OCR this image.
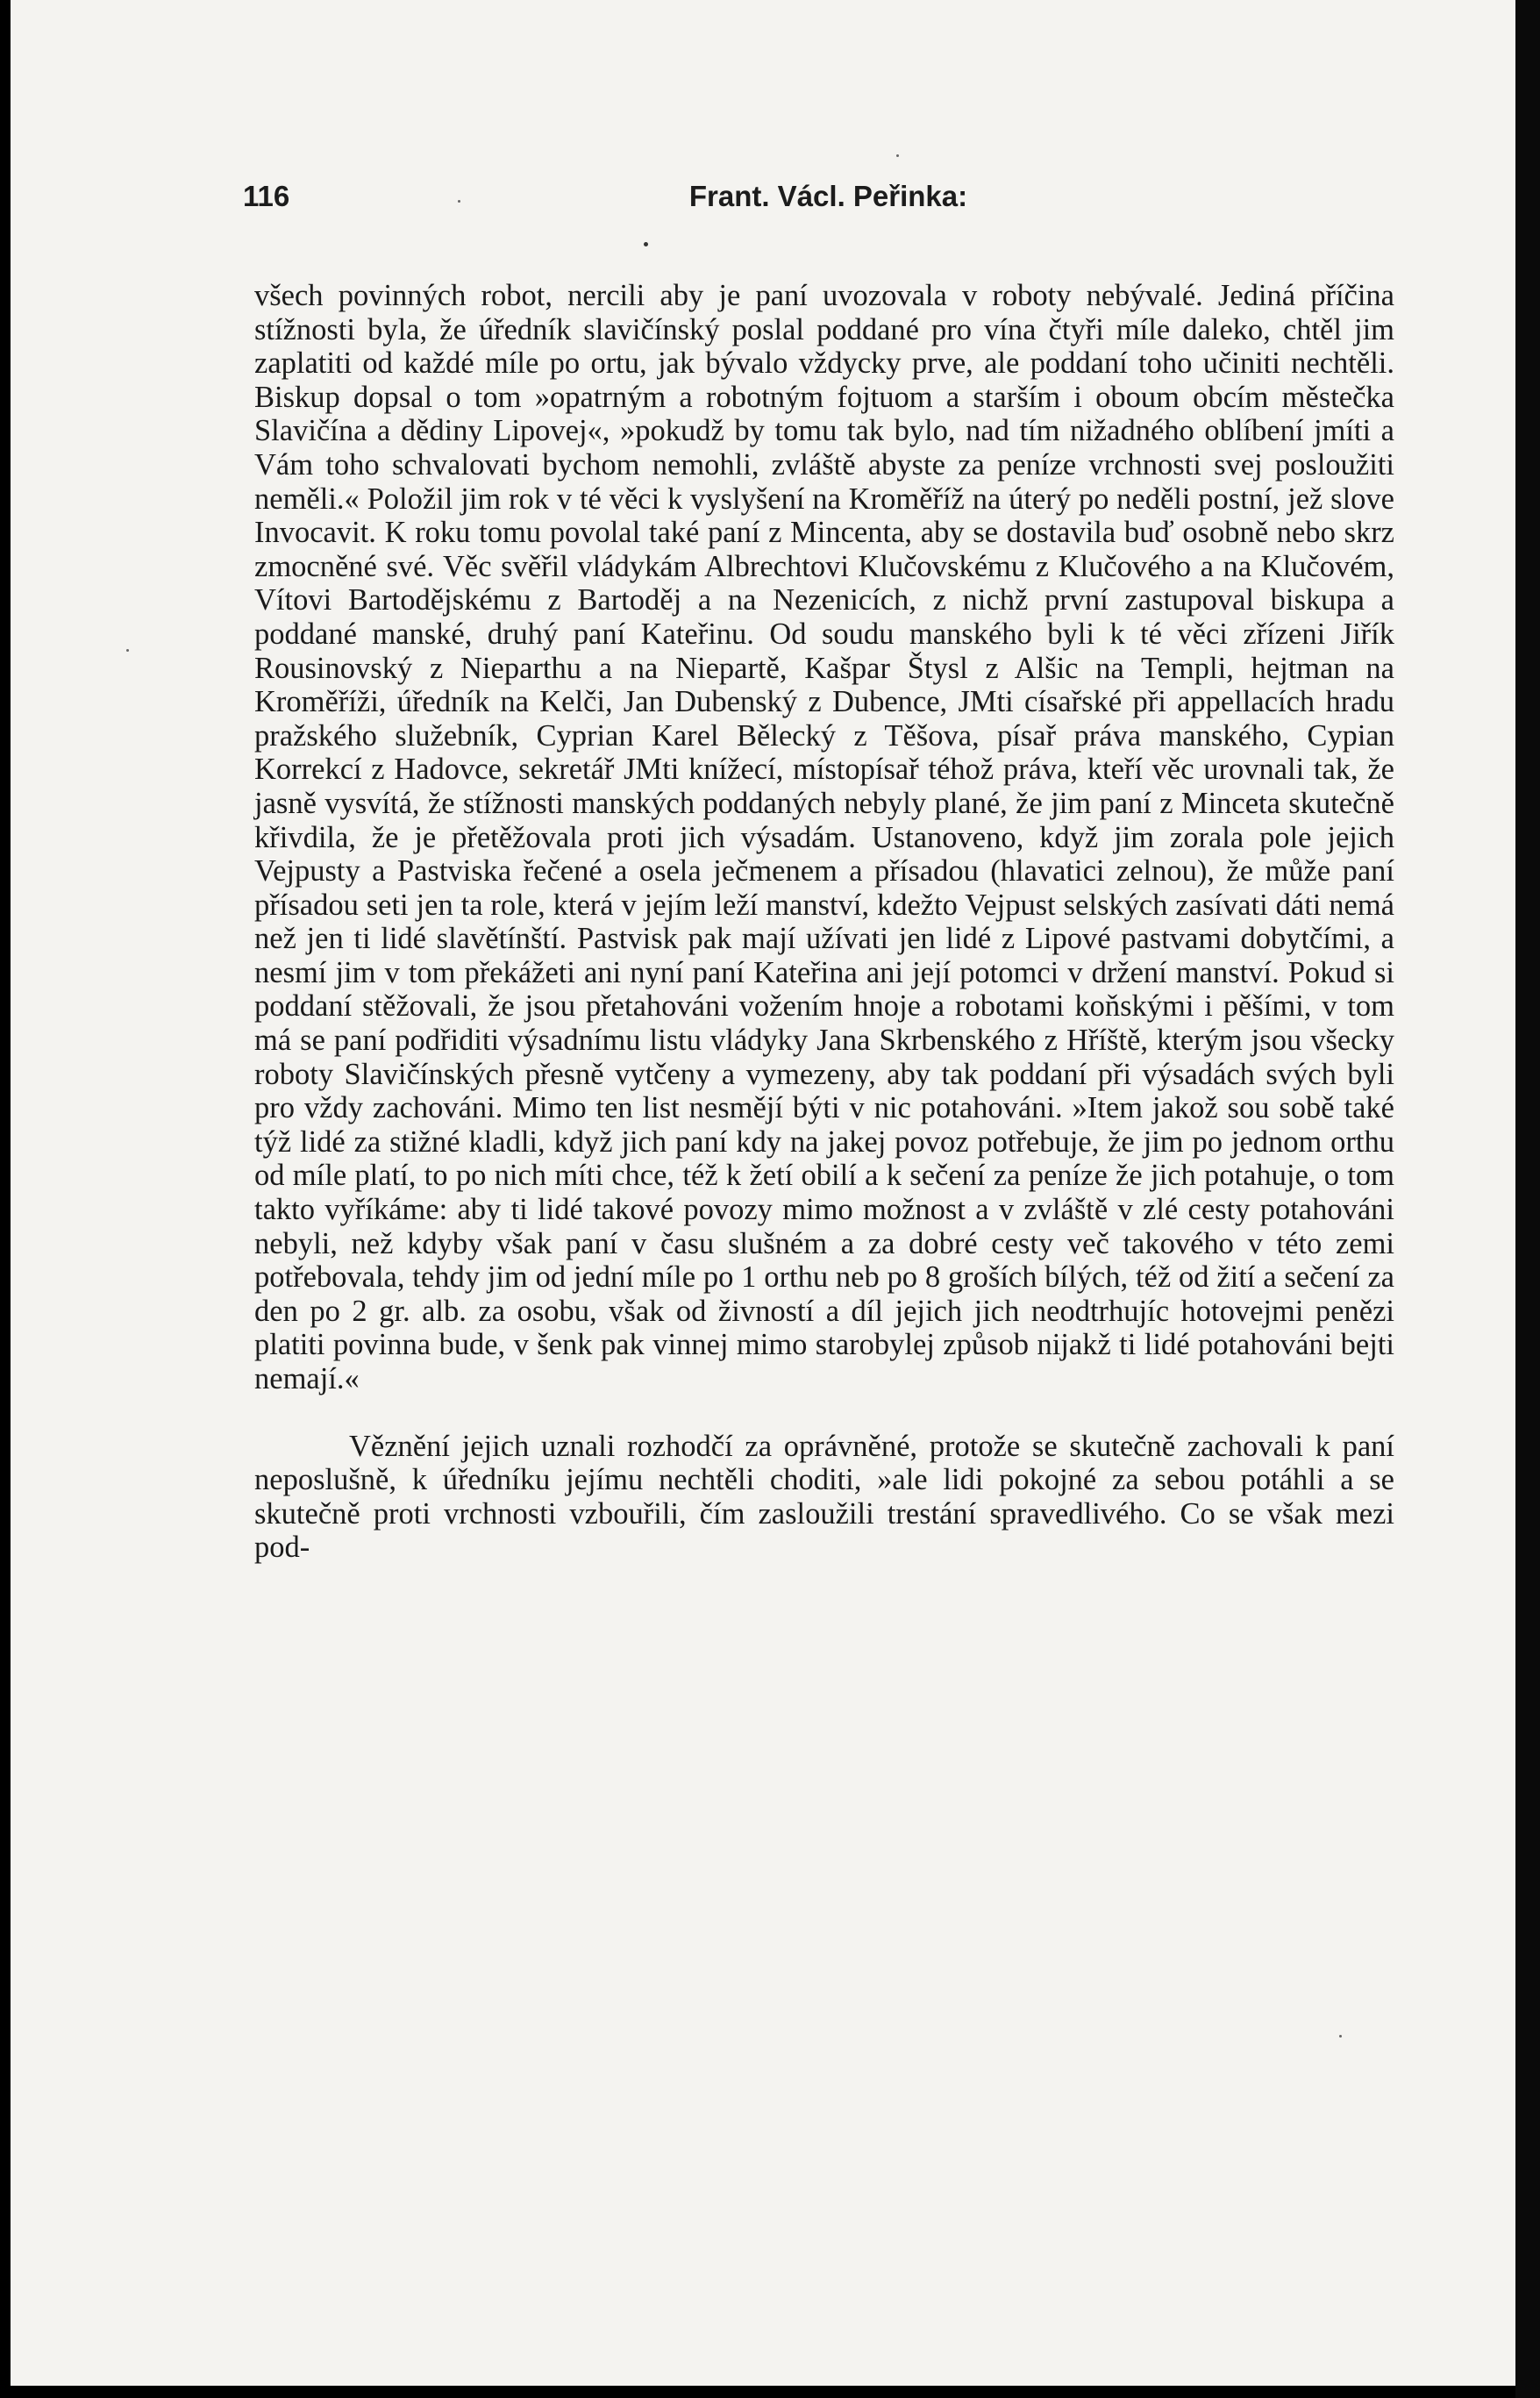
116	Frant. Václ. Peřinka:

všech povinných robot, nercili aby je paní uvozovala v roboty nebývalé. Jediná příčina stížnosti byla, že úředník slavičínský poslal poddané pro vína čtyři míle daleko, chtěl jim zaplatiti od každé míle po ortu, jak bývalo vždycky prve, ale poddaní toho učiniti nechtěli. Biskup dopsal o tom »opatrným a robotným fojtuom a starším i oboum obcím městečka Slavičína a dědiny Lipovej«, »pokudž by tomu tak bylo, nad tím nižadného oblíbení jmíti a Vám toho schvalovati bychom nemohli, zvláště abyste za peníze vrchnosti svej posloužiti neměli.« Položil jim rok v té věci k vyslyšení na Kroměříž na úterý po neděli postní, jež slove Invocavit. K roku tomu povolal také paní z Mincenta, aby se dostavila buď osobně nebo skrz zmocněné své. Věc svěřil vládykám Albrechtovi Klučovskému z Klučového a na Klučovém, Vítovi Bartodějskému z Bartoděj a na Nezenicích, z nichž první zastupoval biskupa a poddané manské, druhý paní Kateřinu. Od soudu manského byli k té věci zřízeni Jiřík Rousinovský z Nieparthu a na Niepartě, Kašpar Štysl z Alšic na Templi, hejtman na Kroměříži, úředník na Kelči, Jan Dubenský z Dubence, JMti císařské při appellacích hradu pražského služebník, Cyprian Karel Bělecký z Těšova, písař práva manského, Cypian Korrekcí z Hadovce, sekretář JMti knížecí, místopísař téhož práva, kteří věc urovnali tak, že jasně vysvítá, že stížnosti manských poddaných nebyly plané, že jim paní z Minceta skutečně křivdila, že je přetěžovala proti jich výsadám. Ustanoveno, když jim zorala pole jejich Vejpusty a Pastviska řečené a osela ječmenem a přísadou (hlavatici zelnou), že může paní přísadou seti jen ta role, která v jejím leží manství, kdežto Vejpust selských zasívati dáti nemá než jen ti lidé slavětínští. Pastvisk pak mají užívati jen lidé z Lipové pastvami dobytčími, a nesmí jim v tom překážeti ani nyní paní Kateřina ani její potomci v držení manství. Pokud si poddaní stěžovali, že jsou přetahováni vožením hnoje a robotami koňskými i pěšími, v tom má se paní podřiditi výsadnímu listu vládyky Jana Skrbenského z Hříště, kterým jsou všecky roboty Slavičínských přesně vytčeny a vymezeny, aby tak poddaní při výsadách svých byli pro vždy zachováni. Mimo ten list nesmějí býti v nic potahováni. »Item jakož sou sobě také týž lidé za stižné kladli, když jich paní kdy na jakej povoz potřebuje, že jim po jednom orthu od míle platí, to po nich míti chce, též k žetí obilí a k sečení za peníze že jich potahuje, o tom takto vyříkáme: aby ti lidé takové povozy mimo možnost a v zvláště v zlé cesty potahováni nebyli, než kdyby však paní v času slušném a za dobré cesty več takového v této zemi potřebovala, tehdy jim od jední míle po 1 orthu neb po 8 groších bílých, též od žití a sečení za den po 2 gr. alb. za osobu, však od živností a díl jejich jich neodtrhujíc hotovejmi penězi platiti povinna bude, v šenk pak vinnej mimo starobylej způsob nijakž ti lidé potahováni bejti nemají.«

Věznění jejich uznali rozhodčí za oprávněné, protože se skutečně zachovali k paní neposlušně, k úředníku jejímu nechtěli choditi, »ale lidi pokojné za sebou potáhli a se skutečně proti vrchnosti vzbouřili, čím zasloužili trestání spravedlivého. Co se však mezi pod-
